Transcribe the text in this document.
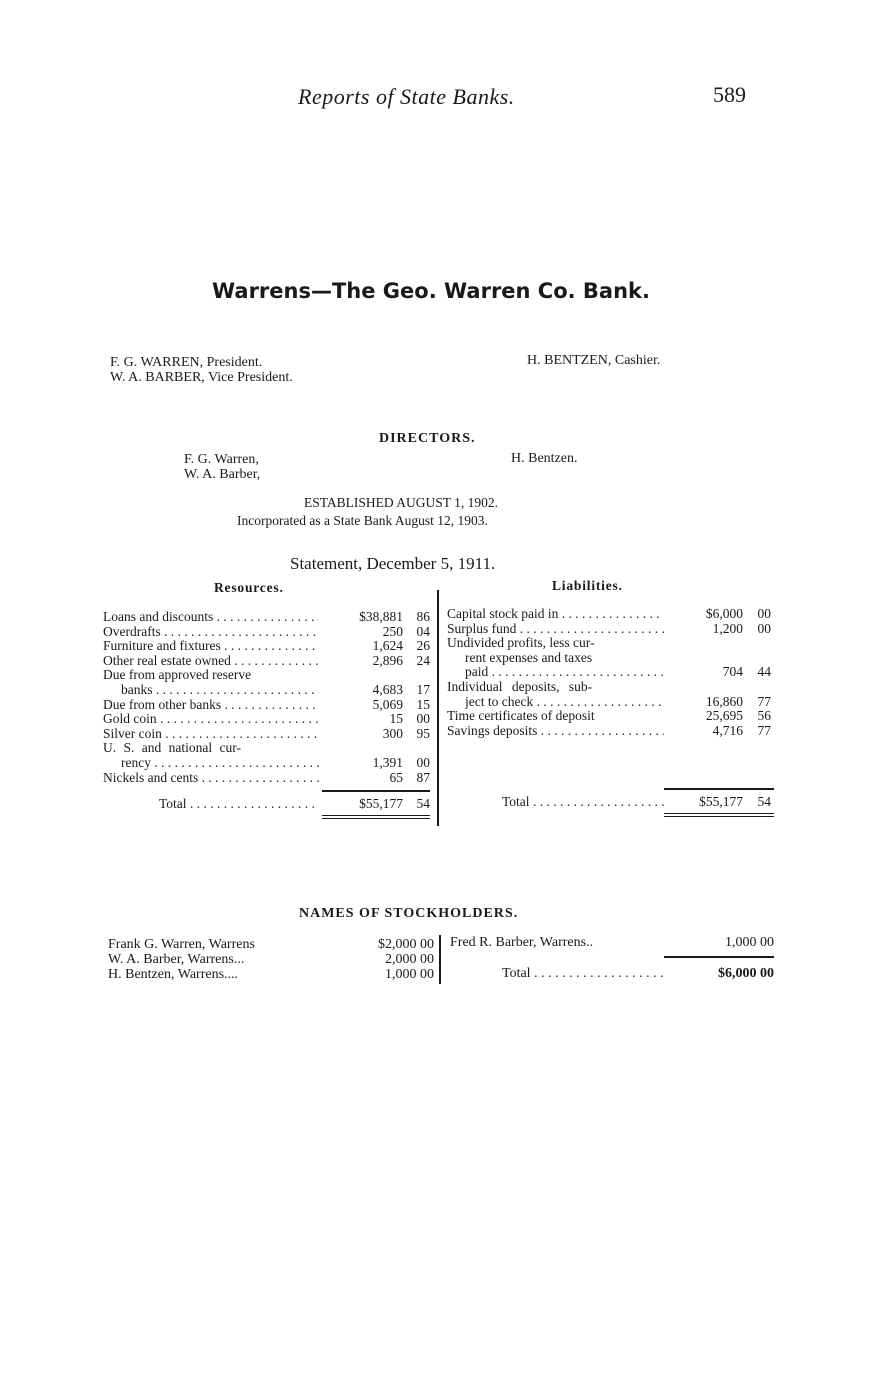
Reports of State Banks.	589
Warrens—The Geo. Warren Co. Bank.
F. G. WARREN, President.
W. A. BARBER, Vice President.
H. BENTZEN, Cashier.
DIRECTORS.
F. G. Warren,
W. A. Barber,
H. Bentzen.
ESTABLISHED AUGUST 1, 1902.
Incorporated as a State Bank August 12, 1903.
Statement, December 5, 1911.
Resources.	Liabilities.
Loans and discounts . . .	$38,881 86
Overdrafts . . .	250 04
Furniture and fixtures . . .	1,624 26
Other real estate owned . . .	2,896 24
Due from approved reserve
banks . . .	4,683 17
Due from other banks . . .	5,069 15
Gold coin . . .	15 00
Silver coin . . .	300 95
U. S. and national cur-
rency . . .	1,391 00
Nickels and cents . . .	65 87
Total . . .	$55,177 54
Capital stock paid in . . .	$6,000 00
Surplus fund . . .	1,200 00
Undivided profits, less cur-
rent expenses and taxes
paid . . .	704 44
Individual deposits, sub-
ject to check . . .	16,860 77
Time certificates of deposit	25,695 56
Savings deposits . . .	4,716 77
Total . . .	$55,177 54
NAMES OF STOCKHOLDERS.
Frank G. Warren, Warrens	$2,000 00
W. A. Barber, Warrens...	2,000 00
H. Bentzen, Warrens....	1,000 00
Fred R. Barber, Warrens..	1,000 00
Total . . .	$6,000 00
